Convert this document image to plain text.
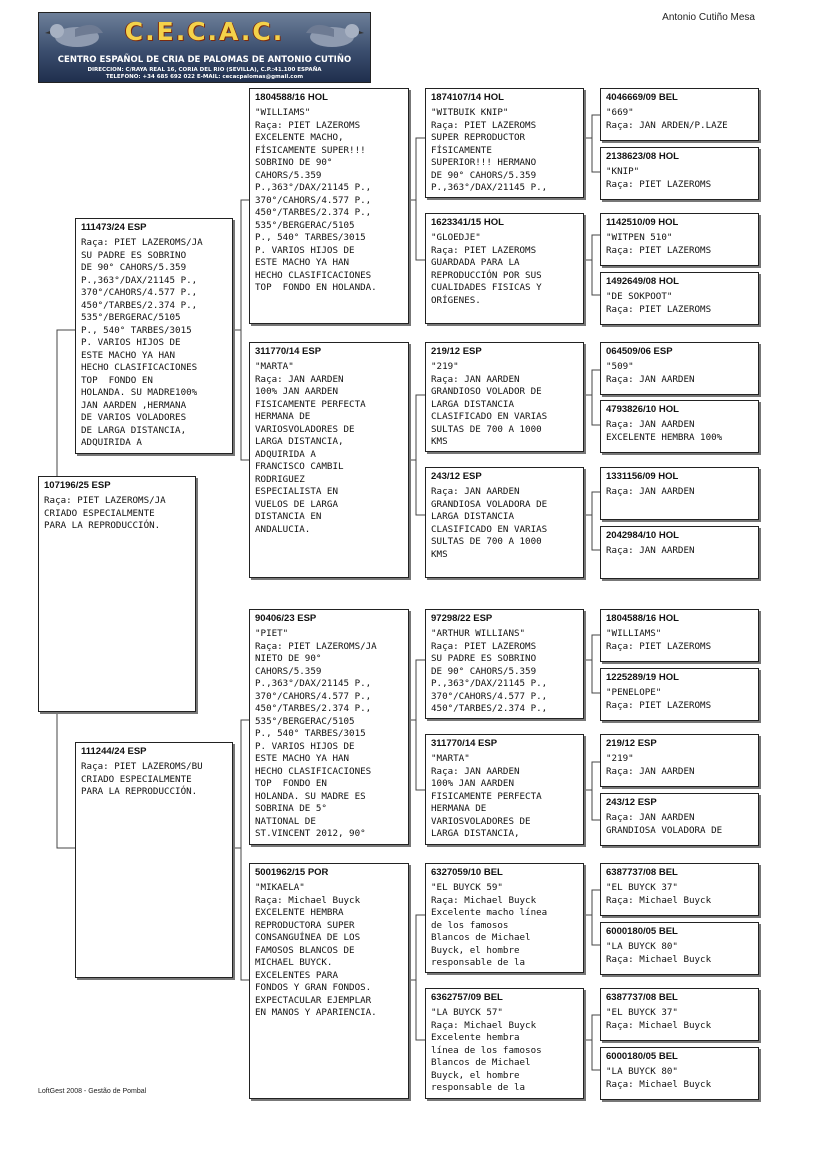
C.E.C.A.C.
CENTRO ESPAÑOL DE CRIA DE PALOMAS DE ANTONIO CUTIÑO
DIRECCION: C/RAYA REAL 16, CORIA DEL RIO (SEVILLA), C.P.:41.100 ESPAÑA
TELEFONO: +34 685 692 022 E-MAIL: cecacpalomas@gmail.com
Antonio Cutiño Mesa
107196/25 ESP
Raça: PIET LAZEROMS/JA
CRIADO ESPECIALMENTE
PARA LA REPRODUCCIÓN.
111473/24 ESP
Raça: PIET LAZEROMS/JA
SU PADRE ES SOBRINO
DE 90° CAHORS/5.359
P.,363°/DAX/21145 P.,
370°/CAHORS/4.577 P.,
450°/TARBES/2.374 P.,
535°/BERGERAC/5105
P., 540° TARBES/3015
P. VARIOS HIJOS DE
ESTE MACHO YA HAN
HECHO CLASIFICACIONES
TOP  FONDO EN
HOLANDA. SU MADRE100%
JAN AARDEN ,HERMANA
DE VARIOS VOLADORES
DE LARGA DISTANCIA,
ADQUIRIDA A
111244/24 ESP
Raça: PIET LAZEROMS/BU
CRIADO ESPECIALMENTE
PARA LA REPRODUCCIÓN.
1804588/16 HOL
"WILLIAMS"
Raça: PIET LAZEROMS
EXCELENTE MACHO,
FÍSICAMENTE SUPER!!!
SOBRINO DE 90°
CAHORS/5.359
P.,363°/DAX/21145 P.,
370°/CAHORS/4.577 P.,
450°/TARBES/2.374 P.,
535°/BERGERAC/5105
P., 540° TARBES/3015
P. VARIOS HIJOS DE
ESTE MACHO YA HAN
HECHO CLASIFICACIONES
TOP  FONDO EN HOLANDA.
311770/14 ESP
"MARTA"
Raça: JAN AARDEN
100% JAN AARDEN
FISICAMENTE PERFECTA
HERMANA DE
VARIOSVOLADORES DE
LARGA DISTANCIA,
ADQUIRIDA A
FRANCISCO CAMBIL
RODRIGUEZ
ESPECIALISTA EN
VUELOS DE LARGA
DISTANCIA EN
ANDALUCIA.
90406/23 ESP
"PIET"
Raça: PIET LAZEROMS/JA
NIETO DE 90°
CAHORS/5.359
P.,363°/DAX/21145 P.,
370°/CAHORS/4.577 P.,
450°/TARBES/2.374 P.,
535°/BERGERAC/5105
P., 540° TARBES/3015
P. VARIOS HIJOS DE
ESTE MACHO YA HAN
HECHO CLASIFICACIONES
TOP  FONDO EN
HOLANDA. SU MADRE ES
SOBRINA DE 5°
NATIONAL DE
ST.VINCENT 2012, 90°
5001962/15 POR
"MIKAELA"
Raça: Michael Buyck
EXCELENTE HEMBRA
REPRODUCTORA SUPER
CONSANGUÍNEA DE LOS
FAMOSOS BLANCOS DE
MICHAEL BUYCK.
EXCELENTES PARA
FONDOS Y GRAN FONDOS.
EXPECTACULAR EJEMPLAR
EN MANOS Y APARIENCIA.
1874107/14 HOL
"WITBUIK KNIP"
Raça: PIET LAZEROMS
SUPER REPRODUCTOR
FÍSICAMENTE
SUPERIOR!!! HERMANO
DE 90° CAHORS/5.359
P.,363°/DAX/21145 P.,
1623341/15 HOL
"GLOEDJE"
Raça: PIET LAZEROMS
GUARDADA PARA LA
REPRODUCCIÓN POR SUS
CUALIDADES FISICAS Y
ORÍGENES.
219/12 ESP
"219"
Raça: JAN AARDEN
GRANDIOSO VOLADOR DE
LARGA DISTANCIA
CLASIFICADO EN VARIAS
SULTAS DE 700 A 1000
KMS
243/12 ESP
Raça: JAN AARDEN
GRANDIOSA VOLADORA DE
LARGA DISTANCIA
CLASIFICADO EN VARIAS
SULTAS DE 700 A 1000
KMS
97298/22 ESP
"ARTHUR WILLIANS"
Raça: PIET LAZEROMS
SU PADRE ES SOBRINO
DE 90° CAHORS/5.359
P.,363°/DAX/21145 P.,
370°/CAHORS/4.577 P.,
450°/TARBES/2.374 P.,
311770/14 ESP
"MARTA"
Raça: JAN AARDEN
100% JAN AARDEN
FISICAMENTE PERFECTA
HERMANA DE
VARIOSVOLADORES DE
LARGA DISTANCIA,
6327059/10 BEL
"EL BUYCK 59"
Raça: Michael Buyck
Excelente macho línea
de los famosos
Blancos de Michael
Buyck, el hombre
responsable de la
6362757/09 BEL
"LA BUYCK 57"
Raça: Michael Buyck
Excelente hembra
línea de los famosos
Blancos de Michael
Buyck, el hombre
responsable de la
4046669/09 BEL
"669"
Raça: JAN ARDEN/P.LAZE
2138623/08 HOL
"KNIP"
Raça: PIET LAZEROMS
1142510/09 HOL
"WITPEN 510"
Raça: PIET LAZEROMS
1492649/08 HOL
"DE SOKPOOT"
Raça: PIET LAZEROMS
064509/06 ESP
"509"
Raça: JAN AARDEN
4793826/10 HOL
Raça: JAN AARDEN
EXCELENTE HEMBRA 100%
1331156/09 HOL
Raça: JAN AARDEN
2042984/10 HOL
Raça: JAN AARDEN
1804588/16 HOL
"WILLIAMS"
Raça: PIET LAZEROMS
1225289/19 HOL
"PENELOPE"
Raça: PIET LAZEROMS
219/12 ESP
"219"
Raça: JAN AARDEN
243/12 ESP
Raça: JAN AARDEN
GRANDIOSA VOLADORA DE
6387737/08 BEL
"EL BUYCK 37"
Raça: Michael Buyck
6000180/05 BEL
"LA BUYCK 80"
Raça: Michael Buyck
6387737/08 BEL
"EL BUYCK 37"
Raça: Michael Buyck
6000180/05 BEL
"LA BUYCK 80"
Raça: Michael Buyck
LoftGest 2008 - Gestão de Pombal
